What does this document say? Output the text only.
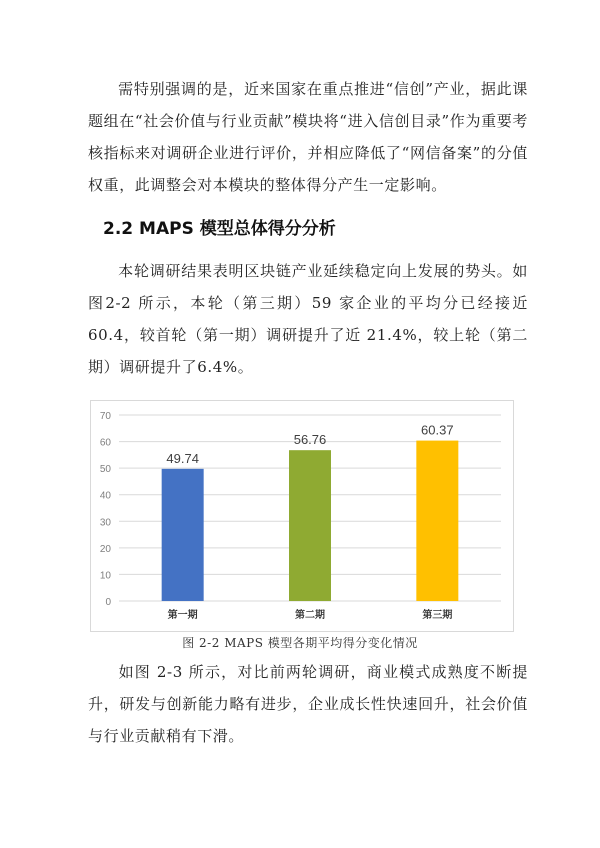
需特别强调的是，近来国家在重点推进“信创”产业，据此课题组在“社会价值与行业贡献”模块将“进入信创目录”作为重要考核指标来对调研企业进行评价，并相应降低了“网信备案”的分值权重，此调整会对本模块的整体得分产生一定影响。

2.2 MAPS 模型总体得分分析

本轮调研结果表明区块链产业延续稳定向上发展的势头。如图2-2 所示，本轮（第三期）59 家企业的平均分已经接近 60.4，较首轮（第一期）调研提升了近 21.4%，较上轮（第二期）调研提升了6.4%。

0
10
20
30
40
50
60
70
49.74
第一期
56.76
第二期
60.37
第三期

图 2-2 MAPS 模型各期平均得分变化情况

如图 2-3 所示，对比前两轮调研，商业模式成熟度不断提升，研发与创新能力略有进步，企业成长性快速回升，社会价值与行业贡献稍有下滑。
